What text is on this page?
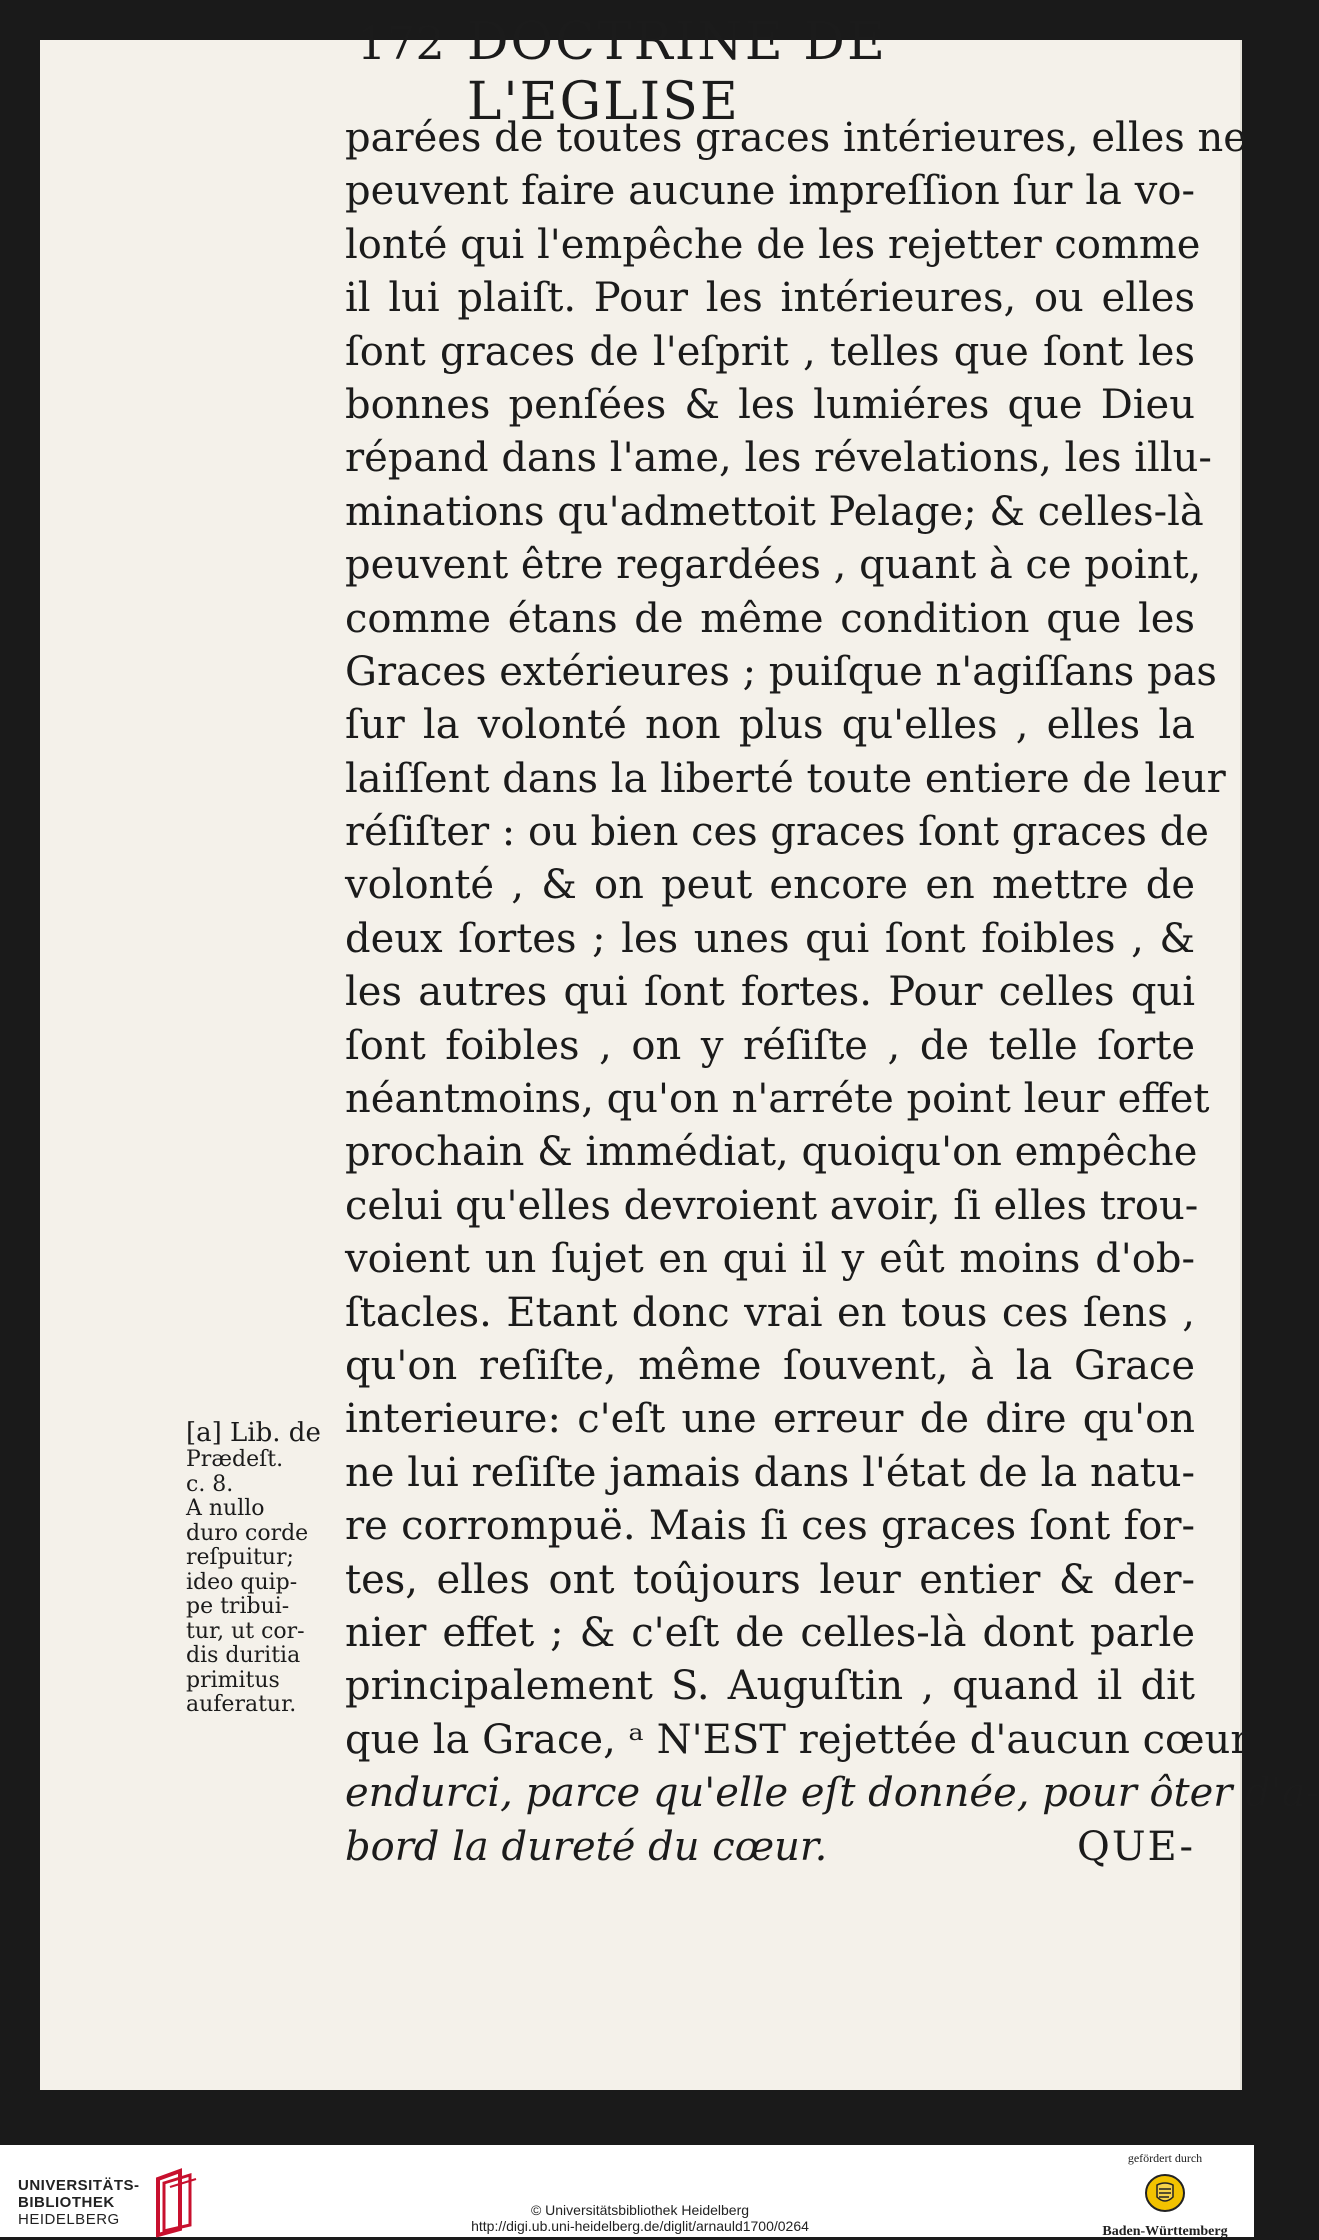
172 DOCTRINE DE L'EGLISE
parées de toutes graces intérieures, elles ne
peuvent faire aucune impreſſion ſur la vo-
lonté qui l'empêche de les rejetter comme
il lui plaiſt. Pour les intérieures, ou elles
ſont graces de l'eſprit , telles que ſont les
bonnes penſées & les lumiéres que Dieu
répand dans l'ame, les révelations, les illu-
minations qu'admettoit Pelage; & celles-là
peuvent être regardées , quant à ce point,
comme étans de même condition que les
Graces extérieures ; puiſque n'agiſſans pas
ſur la volonté non plus qu'elles , elles la
laiſſent dans la liberté toute entiere de leur
réſiſter : ou bien ces graces ſont graces de
volonté , & on peut encore en mettre de
deux ſortes ; les unes qui ſont foibles , &
les autres qui ſont fortes. Pour celles qui
ſont foibles , on y réſiſte , de telle ſorte
néantmoins, qu'on n'arréte point leur effet
prochain & immédiat, quoiqu'on empêche
celui qu'elles devroient avoir, ſi elles trou-
voient un ſujet en qui il y eût moins d'ob-
ſtacles. Etant donc vrai en tous ces ſens ,
qu'on reſiſte, même ſouvent, à la Grace
interieure: c'eſt une erreur de dire qu'on
ne lui reſiſte jamais dans l'état de la natu-
re corrompuë. Mais ſi ces graces ſont for-
tes, elles ont toûjours leur entier & der-
nier effet ; & c'eſt de celles-là dont parle
principalement S. Auguſtin , quand il dit
que la Grace, ᵃ N'EST rejettée d'aucun cœur
endurci, parce qu'elle eſt donnée, pour ôter d'a-
bord la dureté du cœur.	QUE-
[a] Lib. de
Prædeſt.
c. 8.
A nullo
duro corde
reſpuitur;
ideo quip-
pe tribui-
tur, ut cor-
dis duritia
primitus
auferatur.
UNIVERSITÄTS-
BIBLIOTHEK
HEIDELBERG
© Universitätsbibliothek Heidelberg
http://digi.ub.uni-heidelberg.de/diglit/arnauld1700/0264
gefördert durch
Baden-Württemberg
